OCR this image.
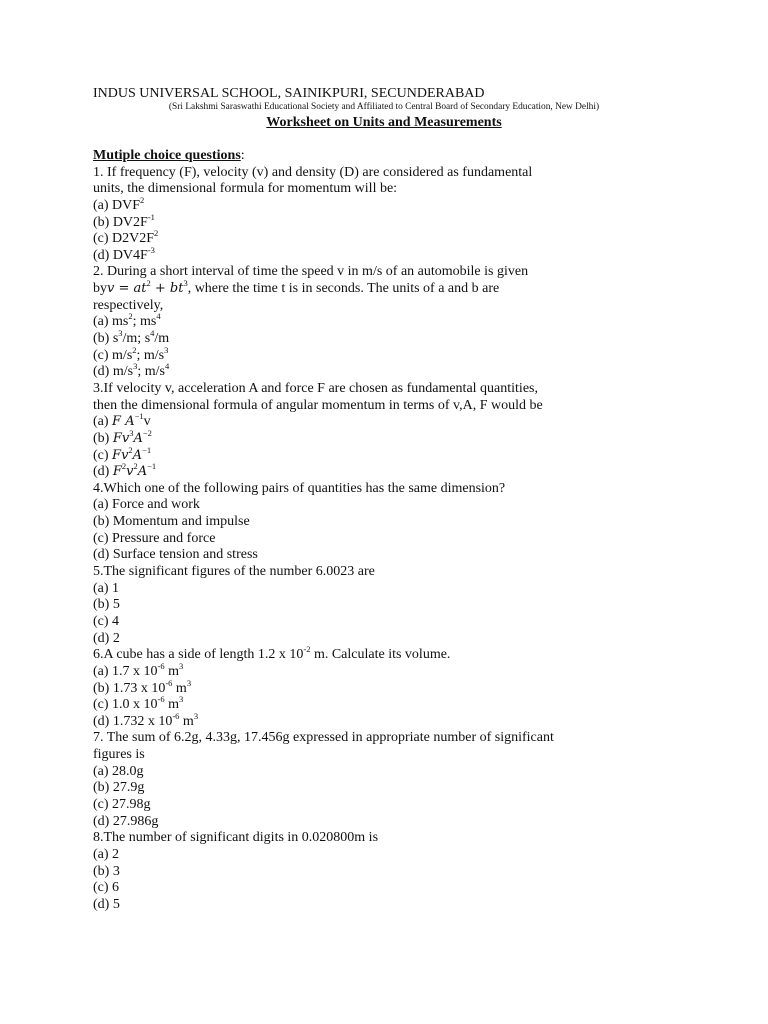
INDUS UNIVERSAL SCHOOL, SAINIKPURI, SECUNDERABAD
(Sri Lakshmi Saraswathi Educational Society and Affiliated to Central Board of Secondary Education, New Delhi)
Worksheet on Units and Measurements
Mutiple choice questions:
1. If frequency (F), velocity (v) and density (D) are considered as fundamental
units, the dimensional formula for momentum will be:
(a) DVF$^2$
(b) $DV2F^{-1}$
(c) $D2V2F^2$
(d) $DV4F^{-3}$
2. During a short interval of time the speed v in m/s of an automobile is given
byv = $at^2 + bt^3$, where the time t is in seconds. The units of a and b are
respectively,
(a) $ms^2$; $ms^4$
(b) $s^3/m$; $s^4/m$
(c) $m/s^2$; $m/s^3$
(d) $m/s^3$; $m/s^4$
3.If velocity v, acceleration A and force F are chosen as fundamental quantities,
then the dimensional formula of angular momentum in terms of v,A, F would be
(a) F $A^{-1}v$
(b) $Fv^3A^{-2}$
(c) $Fv^2A^{-1}$
(d) $F^2v^2A^{-1}$
4.Which one of the following pairs of quantities has the same dimension?
(a) Force and work
(b) Momentum and impulse
(c) Pressure and force
(d) Surface tension and stress
5.The significant figures of the number 6.0023 are
(a) 1
(b) 5
(c) 4
(d) 2
6.A cube has a side of length 1.2 x $10^{-2}$ m. Calculate its volume.
(a) 1.7 x $10^{-6}$ $m^3$
(b) 1.73 x $10^{-6}$ $m^3$
(c) 1.0 x $10^{-6}$ $m^3$
(d) 1.732 x $10^{-6}$ $m^3$
7. The sum of 6.2g, 4.33g, 17.456g expressed in appropriate number of significant
figures is
(a) 28.0g
(b) 27.9g
(c) 27.98g
(d) 27.986g
8.The number of significant digits in 0.020800m is
(a) 2
(b) 3
(c) 6
(d) 5
